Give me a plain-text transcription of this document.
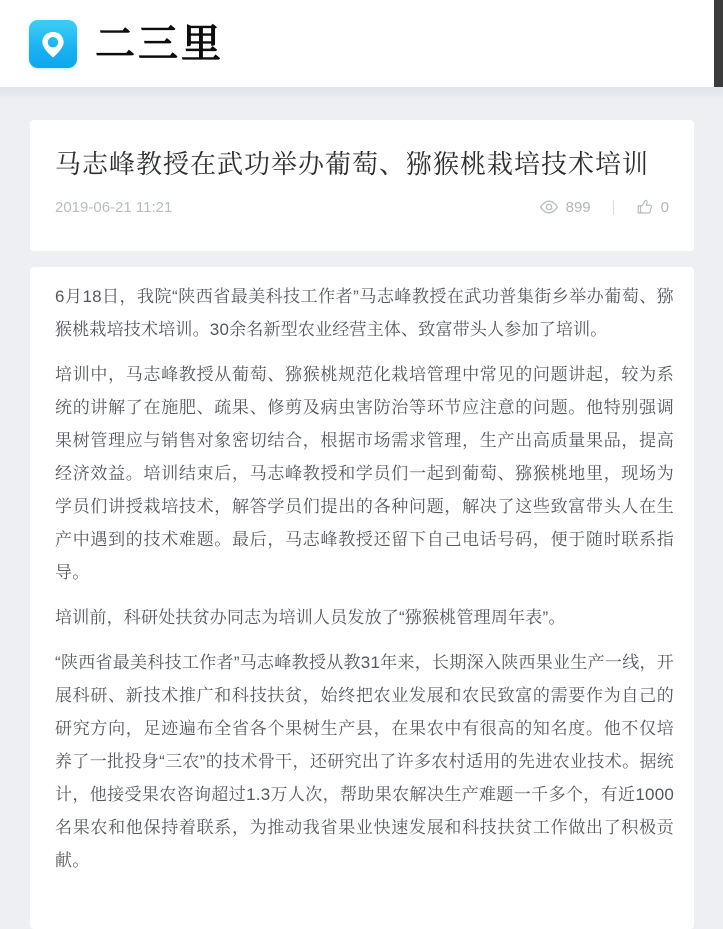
二三里
马志峰教授在武功举办葡萄、猕猴桃栽培技术培训
2019-06-21 11:21	899	0

6月18日，我院“陕西省最美科技工作者”马志峰教授在武功普集街乡举办葡萄、猕猴桃栽培技术培训。30余名新型农业经营主体、致富带头人参加了培训。

培训中，马志峰教授从葡萄、猕猴桃规范化栽培管理中常见的问题讲起，较为系统的讲解了在施肥、疏果、修剪及病虫害防治等环节应注意的问题。他特别强调果树管理应与销售对象密切结合，根据市场需求管理，生产出高质量果品，提高经济效益。培训结束后，马志峰教授和学员们一起到葡萄、猕猴桃地里，现场为学员们讲授栽培技术，解答学员们提出的各种问题，解决了这些致富带头人在生产中遇到的技术难题。最后，马志峰教授还留下自己电话号码，便于随时联系指导。

培训前，科研处扶贫办同志为培训人员发放了“猕猴桃管理周年表”。

“陕西省最美科技工作者”马志峰教授从教31年来，长期深入陕西果业生产一线，开展科研、新技术推广和科技扶贫，始终把农业发展和农民致富的需要作为自己的研究方向，足迹遍布全省各个果树生产县，在果农中有很高的知名度。他不仅培养了一批投身“三农”的技术骨干，还研究出了许多农村适用的先进农业技术。据统计，他接受果农咨询超过1.3万人次，帮助果农解决生产难题一千多个，有近1000名果农和他保持着联系，为推动我省果业快速发展和科技扶贫工作做出了积极贡献。
